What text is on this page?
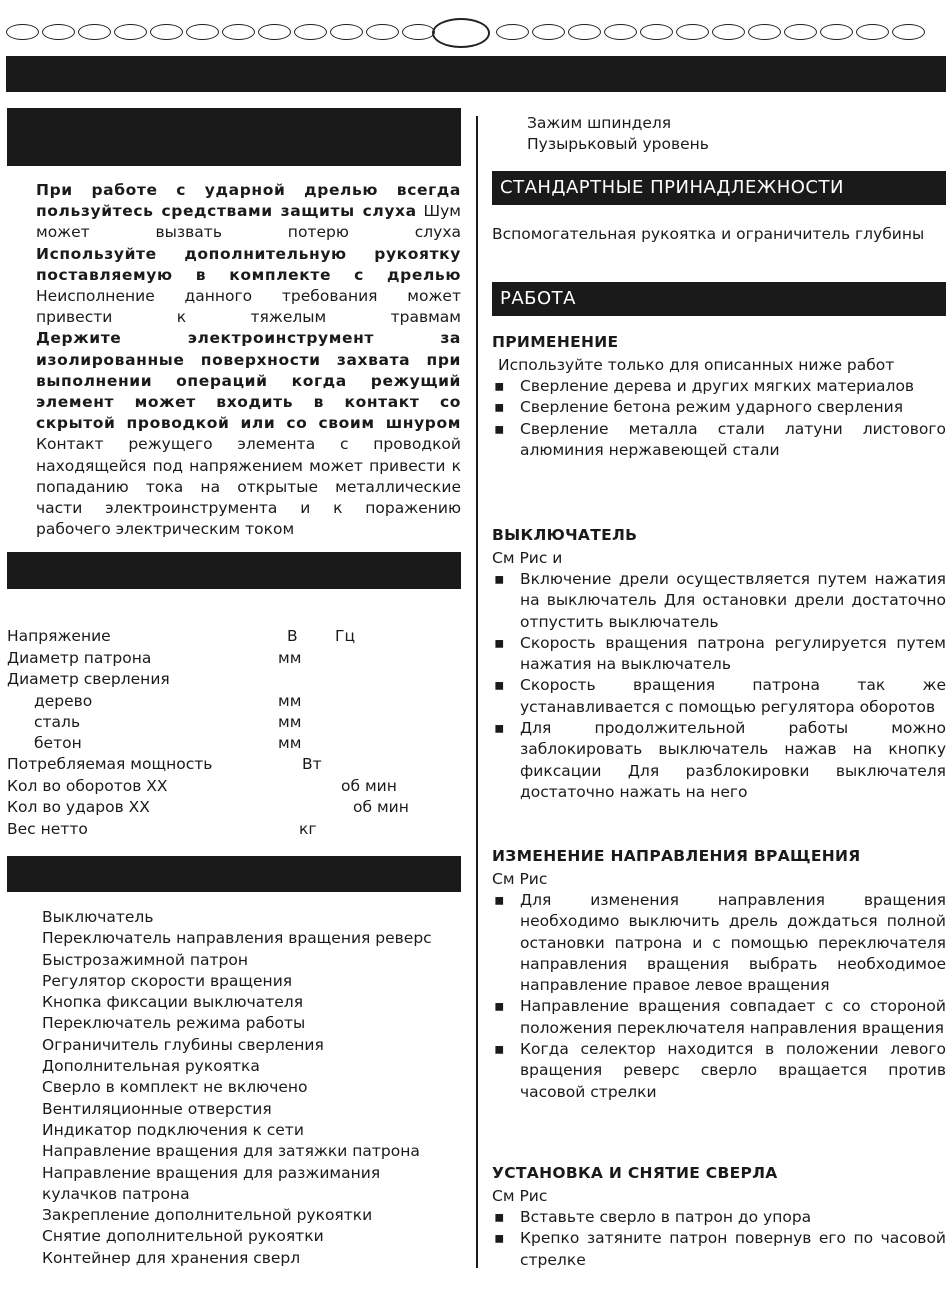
При работе с ударной дрелью всегда пользуйтесь средствами защиты слуха Шум может вызвать потерю слуха

Используйте дополнительную рукоятку поставляемую в комплекте с дрелью Неисполнение данного требования может привести к тяжелым травмам

Держите электроинструмент за изолированные поверхности захвата при выполнении операций когда режущий элемент может входить в контакт со скрытой проводкой или со своим шнуром Контакт режущего элемента с проводкой находящейся под напряжением может привести к попаданию тока на открытые металлические части электроинструмента и к поражению рабочего электрическим током

Напряжение	В Гц
Диаметр патрона	мм
Диаметр сверления
дерево	мм
сталь	мм
бетон	мм
Потребляемая мощность	Вт
Кол во оборотов ХХ	об мин
Кол во ударов ХХ	об мин
Вес нетто	кг
Выключатель
Переключатель направления вращения реверс
Быстрозажимной патрон
Регулятор скорости вращения
Кнопка фиксации выключателя
Переключатель режима работы
Ограничитель глубины сверления
Дополнительная рукоятка
Сверло в комплект не включено
Вентиляционные отверстия
Индикатор подключения к сети
Направление вращения для затяжки патрона
Направление вращения для разжимания
кулачков патрона
Закрепление дополнительной рукоятки
Снятие дополнительной рукоятки
Контейнер для хранения сверл
Зажим шпинделя
Пузырьковый уровень
СТАНДАРТНЫЕ ПРИНАДЛЕЖНОСТИ
Вспомогательная рукоятка и ограничитель глубины
РАБОТА
ПРИМЕНЕНИЕ
Используйте только для описанных ниже работ
▪ Сверление дерева и других мягких материалов
▪ Сверление бетона режим ударного сверления
▪ Сверление металла стали латуни листового алюминия нержавеющей стали
ВЫКЛЮЧАТЕЛЬ
См Рис и
▪ Включение дрели осуществляется путем нажатия на выключатель Для остановки дрели достаточно отпустить выключатель
▪ Скорость вращения патрона регулируется путем нажатия на выключатель
▪ Скорость вращения патрона так же устанавливается с помощью регулятора оборотов
▪ Для продолжительной работы можно заблокировать выключатель нажав на кнопку фиксации Для разблокировки выключателя достаточно нажать на него
ИЗМЕНЕНИЕ НАПРАВЛЕНИЯ ВРАЩЕНИЯ
См Рис
▪ Для изменения направления вращения необходимо выключить дрель дождаться полной остановки патрона и с помощью переключателя направления вращения выбрать необходимое направление правое левое вращения
▪ Направление вращения совпадает с со стороной положения переключателя направления вращения
▪ Когда селектор находится в положении левого вращения реверс сверло вращается против часовой стрелки
УСТАНОВКА И СНЯТИЕ СВЕРЛА
См Рис
▪ Вставьте сверло в патрон до упора
▪ Крепко затяните патрон повернув его по часовой стрелке
